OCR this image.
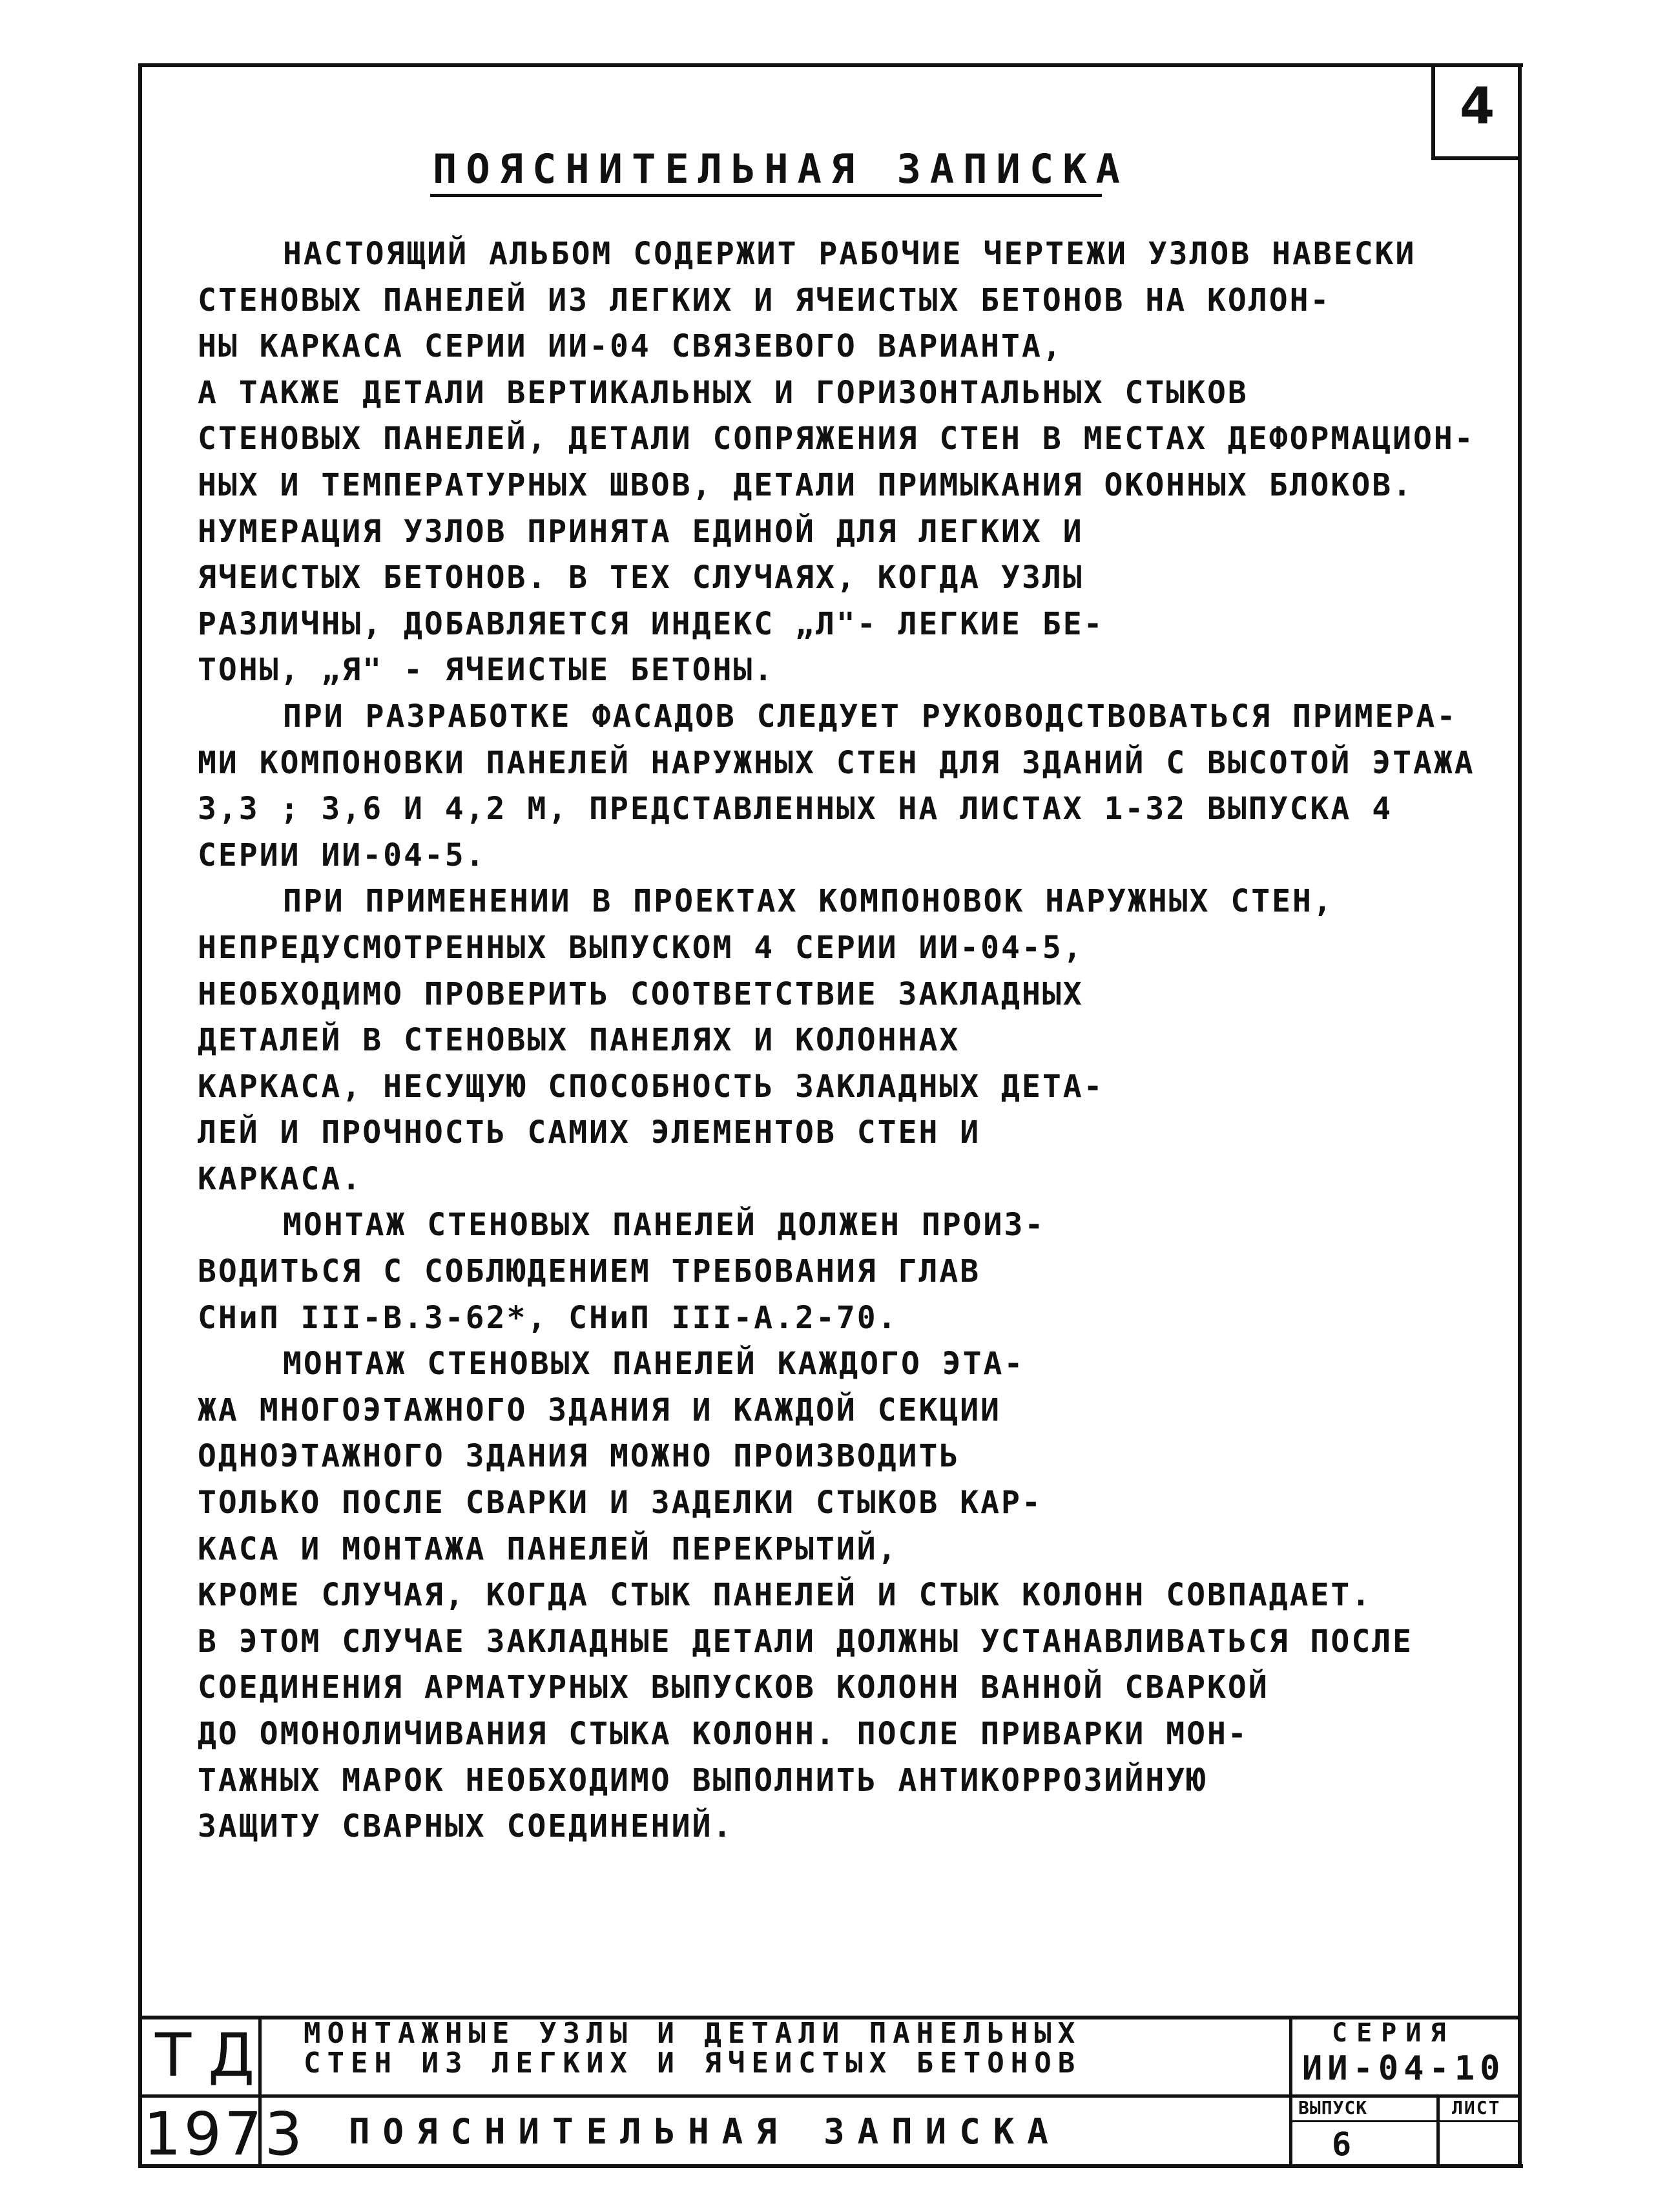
4
ПОЯСНИТЕЛЬНАЯ ЗАПИСКА
НАСТОЯЩИЙ АЛЬБОМ СОДЕРЖИТ РАБОЧИЕ ЧЕРТЕЖИ УЗЛОВ НАВЕСКИ
СТЕНОВЫХ ПАНЕЛЕЙ ИЗ ЛЕГКИХ И ЯЧЕИСТЫХ БЕТОНОВ НА КОЛОН-
НЫ КАРКАСА СЕРИИ ИИ-04 СВЯЗЕВОГО ВАРИАНТА,
А ТАКЖЕ ДЕТАЛИ ВЕРТИКАЛЬНЫХ И ГОРИЗОНТАЛЬНЫХ СТЫКОВ
СТЕНОВЫХ ПАНЕЛЕЙ, ДЕТАЛИ СОПРЯЖЕНИЯ СТЕН В МЕСТАХ ДЕФОРМАЦИОН-
НЫХ И ТЕМПЕРАТУРНЫХ ШВОВ, ДЕТАЛИ ПРИМЫКАНИЯ ОКОННЫХ БЛОКОВ.
НУМЕРАЦИЯ УЗЛОВ ПРИНЯТА ЕДИНОЙ ДЛЯ ЛЕГКИХ И
ЯЧЕИСТЫХ БЕТОНОВ. В ТЕХ СЛУЧАЯХ, КОГДА УЗЛЫ
РАЗЛИЧНЫ, ДОБАВЛЯЕТСЯ ИНДЕКС „Л"- ЛЕГКИЕ БЕ-
ТОНЫ, „Я" - ЯЧЕИСТЫЕ БЕТОНЫ.
ПРИ РАЗРАБОТКЕ ФАСАДОВ СЛЕДУЕТ РУКОВОДСТВОВАТЬСЯ ПРИМЕРА-
МИ КОМПОНОВКИ ПАНЕЛЕЙ НАРУЖНЫХ СТЕН ДЛЯ ЗДАНИЙ С ВЫСОТОЙ ЭТАЖА
3,3 ; 3,6 И 4,2 М, ПРЕДСТАВЛЕННЫХ НА ЛИСТАХ 1-32 ВЫПУСКА 4
СЕРИИ ИИ-04-5.
ПРИ ПРИМЕНЕНИИ В ПРОЕКТАХ КОМПОНОВОК НАРУЖНЫХ СТЕН,
НЕПРЕДУСМОТРЕННЫХ ВЫПУСКОМ 4 СЕРИИ ИИ-04-5,
НЕОБХОДИМО ПРОВЕРИТЬ СООТВЕТСТВИЕ ЗАКЛАДНЫХ
ДЕТАЛЕЙ В СТЕНОВЫХ ПАНЕЛЯХ И КОЛОННАХ
КАРКАСА, НЕСУЩУЮ СПОСОБНОСТЬ ЗАКЛАДНЫХ ДЕТА-
ЛЕЙ И ПРОЧНОСТЬ САМИХ ЭЛЕМЕНТОВ СТЕН И
КАРКАСА.
МОНТАЖ СТЕНОВЫХ ПАНЕЛЕЙ ДОЛЖЕН ПРОИЗ-
ВОДИТЬСЯ С СОБЛЮДЕНИЕМ ТРЕБОВАНИЯ ГЛАВ
СНиП III-В.3-62*, СНиП III-А.2-70.
МОНТАЖ СТЕНОВЫХ ПАНЕЛЕЙ КАЖДОГО ЭТА-
ЖА МНОГОЭТАЖНОГО ЗДАНИЯ И КАЖДОЙ СЕКЦИИ
ОДНОЭТАЖНОГО ЗДАНИЯ МОЖНО ПРОИЗВОДИТЬ
ТОЛЬКО ПОСЛЕ СВАРКИ И ЗАДЕЛКИ СТЫКОВ КАР-
КАСА И МОНТАЖА ПАНЕЛЕЙ ПЕРЕКРЫТИЙ,
КРОМЕ СЛУЧАЯ, КОГДА СТЫК ПАНЕЛЕЙ И СТЫК КОЛОНН СОВПАДАЕТ.
В ЭТОМ СЛУЧАЕ ЗАКЛАДНЫЕ ДЕТАЛИ ДОЛЖНЫ УСТАНАВЛИВАТЬСЯ ПОСЛЕ
СОЕДИНЕНИЯ АРМАТУРНЫХ ВЫПУСКОВ КОЛОНН ВАННОЙ СВАРКОЙ
ДО ОМОНОЛИЧИВАНИЯ СТЫКА КОЛОНН. ПОСЛЕ ПРИВАРКИ МОН-
ТАЖНЫХ МАРОК НЕОБХОДИМО ВЫПОЛНИТЬ АНТИКОРРОЗИЙНУЮ
ЗАЩИТУ СВАРНЫХ СОЕДИНЕНИЙ.
ТД
1973
МОНТАЖНЫЕ УЗЛЫ И ДЕТАЛИ ПАНЕЛЬНЫХ
СТЕН ИЗ ЛЕГКИХ И ЯЧЕИСТЫХ БЕТОНОВ
ПОЯСНИТЕЛЬНАЯ ЗАПИСКА
СЕРИЯ
ИИ-04-10
ВЫПУСК	ЛИСТ
6
